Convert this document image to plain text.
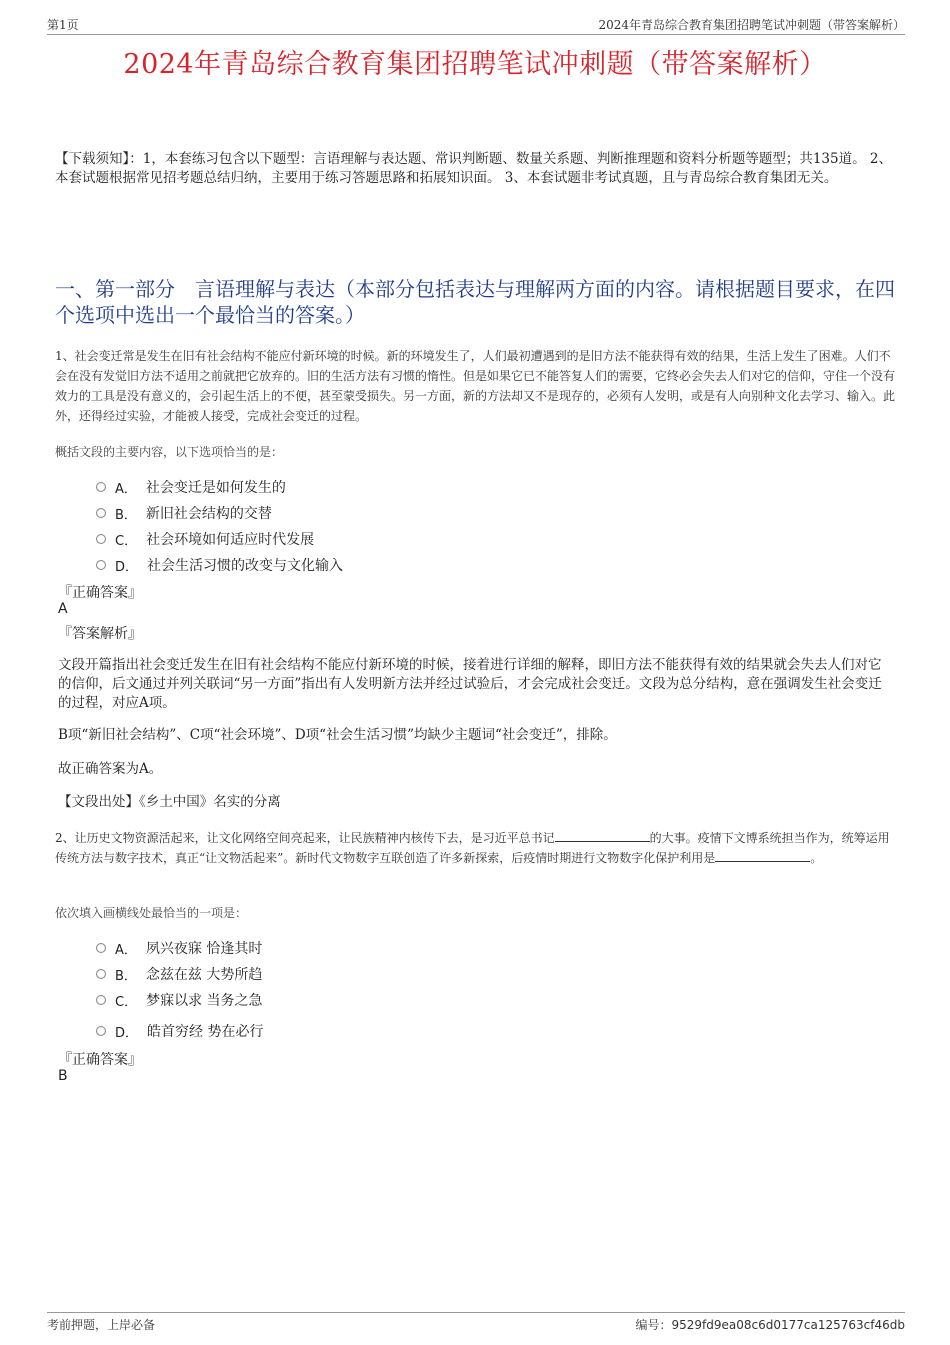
第1页	2024年青岛综合教育集团招聘笔试冲刺题（带答案解析）
2024年青岛综合教育集团招聘笔试冲刺题（带答案解析）
【下载须知】：1，本套练习包含以下题型：言语理解与表达题、常识判断题、数量关系题、判断推理题和资料分析题等题型；共135道。 2、本套试题根据常见招考题总结归纳，主要用于练习答题思路和拓展知识面。 3、本套试题非考试真题，且与青岛综合教育集团无关。
一、第一部分　言语理解与表达（本部分包括表达与理解两方面的内容。请根据题目要求，在四个选项中选出一个最恰当的答案。）
1、社会变迁常是发生在旧有社会结构不能应付新环境的时候。新的环境发生了，人们最初遭遇到的是旧方法不能获得有效的结果，生活上发生了困难。人们不会在没有发觉旧方法不适用之前就把它放弃的。旧的生活方法有习惯的惰性。但是如果它已不能答复人们的需要，它终必会失去人们对它的信仰，守住一个没有效力的工具是没有意义的，会引起生活上的不便，甚至蒙受损失。另一方面，新的方法却又不是现存的，必须有人发明，或是有人向别种文化去学习、输入。此外，还得经过实验，才能被人接受，完成社会变迁的过程。
概括文段的主要内容，以下选项恰当的是：
A． 社会变迁是如何发生的
B． 新旧社会结构的交替
C． 社会环境如何适应时代发展
D． 社会生活习惯的改变与文化输入
『正确答案』
A
『答案解析』
文段开篇指出社会变迁发生在旧有社会结构不能应付新环境的时候，接着进行详细的解释，即旧方法不能获得有效的结果就会失去人们对它的信仰，后文通过并列关联词“另一方面”指出有人发明新方法并经过试验后，才会完成社会变迁。文段为总分结构，意在强调发生社会变迁的过程，对应A项。
B项“新旧社会结构”、C项“社会环境”、D项“社会生活习惯”均缺少主题词“社会变迁”，排除。
故正确答案为A。
【文段出处】《乡土中国》名实的分离
2、让历史文物资源活起来，让文化网络空间亮起来，让民族精神内核传下去，是习近平总书记	的大事。疫情下文博系统担当作为，统筹运用传统方法与数字技术，真正“让文物活起来”。新时代文物数字互联创造了许多新探索，后疫情时期进行文物数字化保护利用是	。
依次填入画横线处最恰当的一项是：
A． 夙兴夜寐 恰逢其时
B． 念兹在兹 大势所趋
C． 梦寐以求 当务之急
D． 皓首穷经 势在必行
『正确答案』
B
考前押题，上岸必备	编号：9529fd9ea08c6d0177ca125763cf46db
